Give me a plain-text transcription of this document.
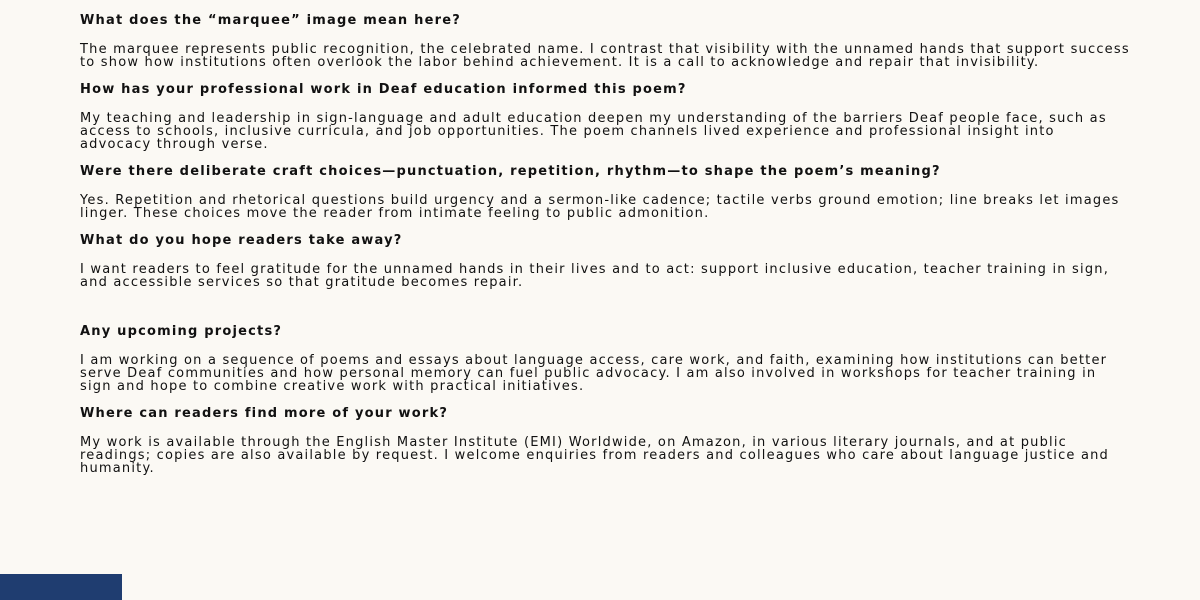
What does the “marquee” image mean here?

The marquee represents public recognition, the celebrated name. I contrast that visibility with the unnamed hands that support success to show how institutions often overlook the labor behind achievement. It is a call to acknowledge and repair that invisibility.

How has your professional work in Deaf education informed this poem?

My teaching and leadership in sign-language and adult education deepen my understanding of the barriers Deaf people face, such as access to schools, inclusive curricula, and job opportunities. The poem channels lived experience and professional insight into advocacy through verse.

Were there deliberate craft choices—punctuation, repetition, rhythm—to shape the poem’s meaning?

Yes. Repetition and rhetorical questions build urgency and a sermon-like cadence; tactile verbs ground emotion; line breaks let images linger. These choices move the reader from intimate feeling to public admonition.

What do you hope readers take away?

I want readers to feel gratitude for the unnamed hands in their lives and to act: support inclusive education, teacher training in sign, and accessible services so that gratitude becomes repair.

Any upcoming projects?

I am working on a sequence of poems and essays about language access, care work, and faith, examining how institutions can better serve Deaf communities and how personal memory can fuel public advocacy. I am also involved in workshops for teacher training in sign and hope to combine creative work with practical initiatives.

Where can readers find more of your work?

My work is available through the English Master Institute (EMI) Worldwide, on Amazon, in various literary journals, and at public readings; copies are also available by request. I welcome enquiries from readers and colleagues who care about language justice and humanity.
